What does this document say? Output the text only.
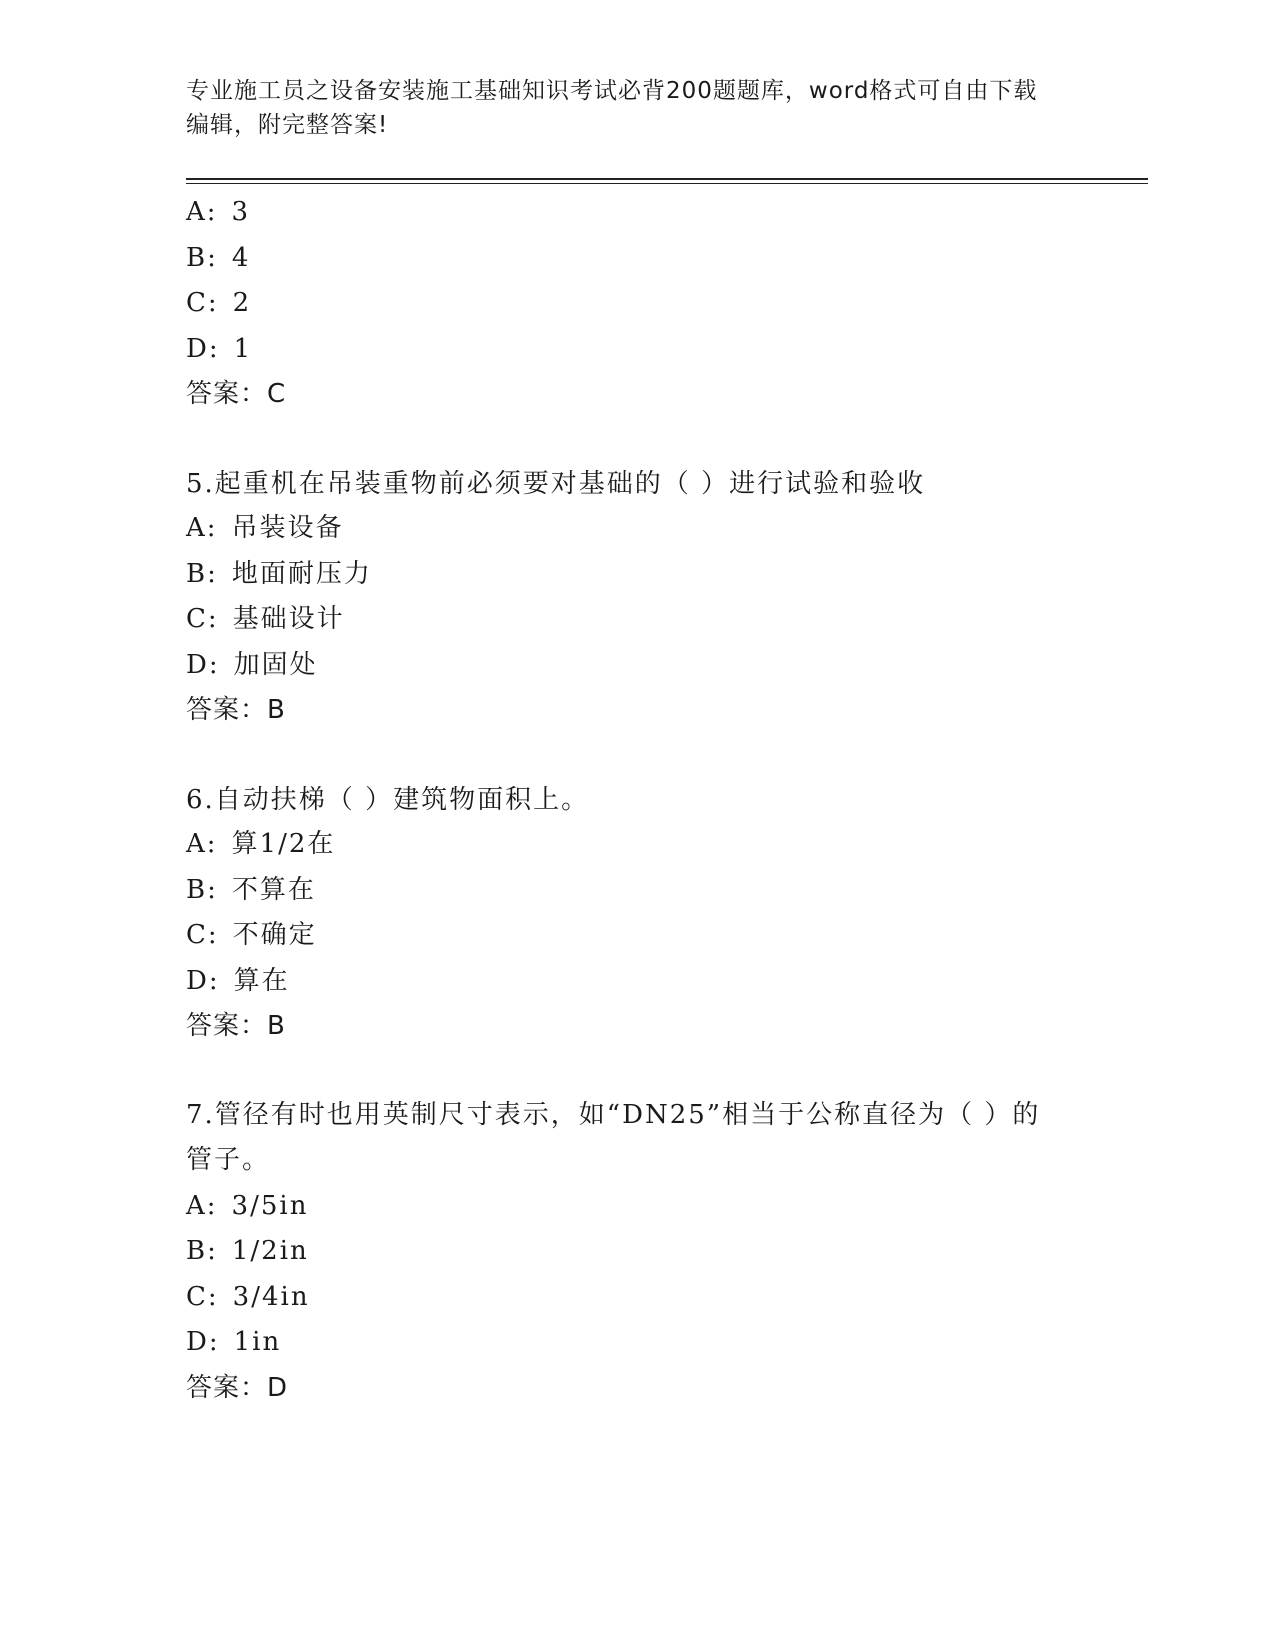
专业施工员之设备安装施工基础知识考试必背200题题库，word格式可自由下载
编辑，附完整答案!
A: 3
B: 4
C: 2
D: 1
答案：C
5.起重机在吊装重物前必须要对基础的（ ）进行试验和验收
A: 吊装设备
B: 地面耐压力
C: 基础设计
D: 加固处
答案：B
6.自动扶梯（ ）建筑物面积上。
A: 算1/2在
B: 不算在
C: 不确定
D: 算在
答案：B
7.管径有时也用英制尺寸表示，如“DN25”相当于公称直径为（ ）的
管子。
A: 3/5in
B: 1/2in
C: 3/4in
D: 1in
答案：D
